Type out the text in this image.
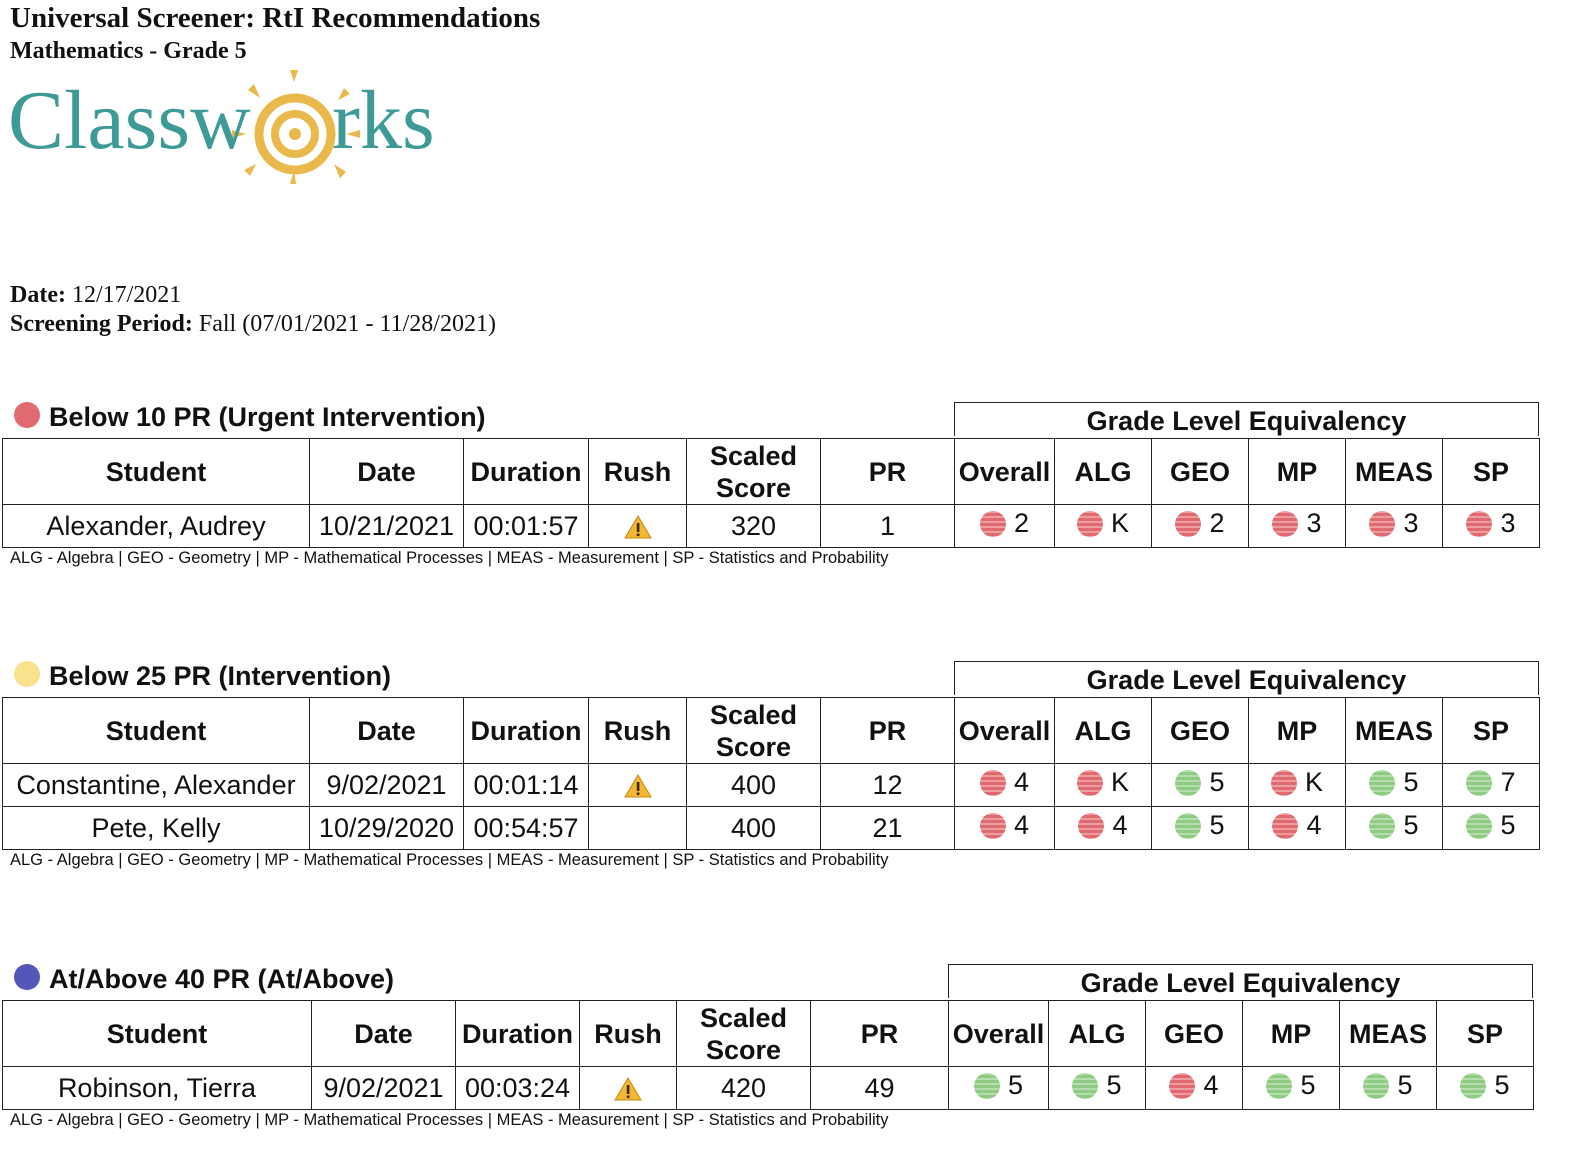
Universal Screener: RtI Recommendations
Mathematics - Grade 5
Classw rks
Date: 12/17/2021
Screening Period: Fall (07/01/2021 - 11/28/2021)
Below 10 PR (Urgent Intervention)	Grade Level Equivalency
Student	Date	Duration	Rush	Scaled Score	PR	Overall	ALG	GEO	MP	MEAS	SP
Alexander, Audrey	10/21/2021	00:01:57		320	1	2	K	2	3	3	3
ALG - Algebra | GEO - Geometry | MP - Mathematical Processes | MEAS - Measurement | SP - Statistics and Probability
Below 25 PR (Intervention)	Grade Level Equivalency
Student	Date	Duration	Rush	Scaled Score	PR	Overall	ALG	GEO	MP	MEAS	SP
Constantine, Alexander	9/02/2021	00:01:14		400	12	4	K	5	K	5	7

Pete, Kelly	10/29/2020	00:54:57		400	21	4	4	5	4	5	5
ALG - Algebra | GEO - Geometry | MP - Mathematical Processes | MEAS - Measurement | SP - Statistics and Probability
At/Above 40 PR (At/Above)	Grade Level Equivalency
Student	Date	Duration	Rush	Scaled Score	PR	Overall	ALG	GEO	MP	MEAS	SP
Robinson, Tierra	9/02/2021	00:03:24		420	49	5	5	4	5	5	5
ALG - Algebra | GEO - Geometry | MP - Mathematical Processes | MEAS - Measurement | SP - Statistics and Probability
